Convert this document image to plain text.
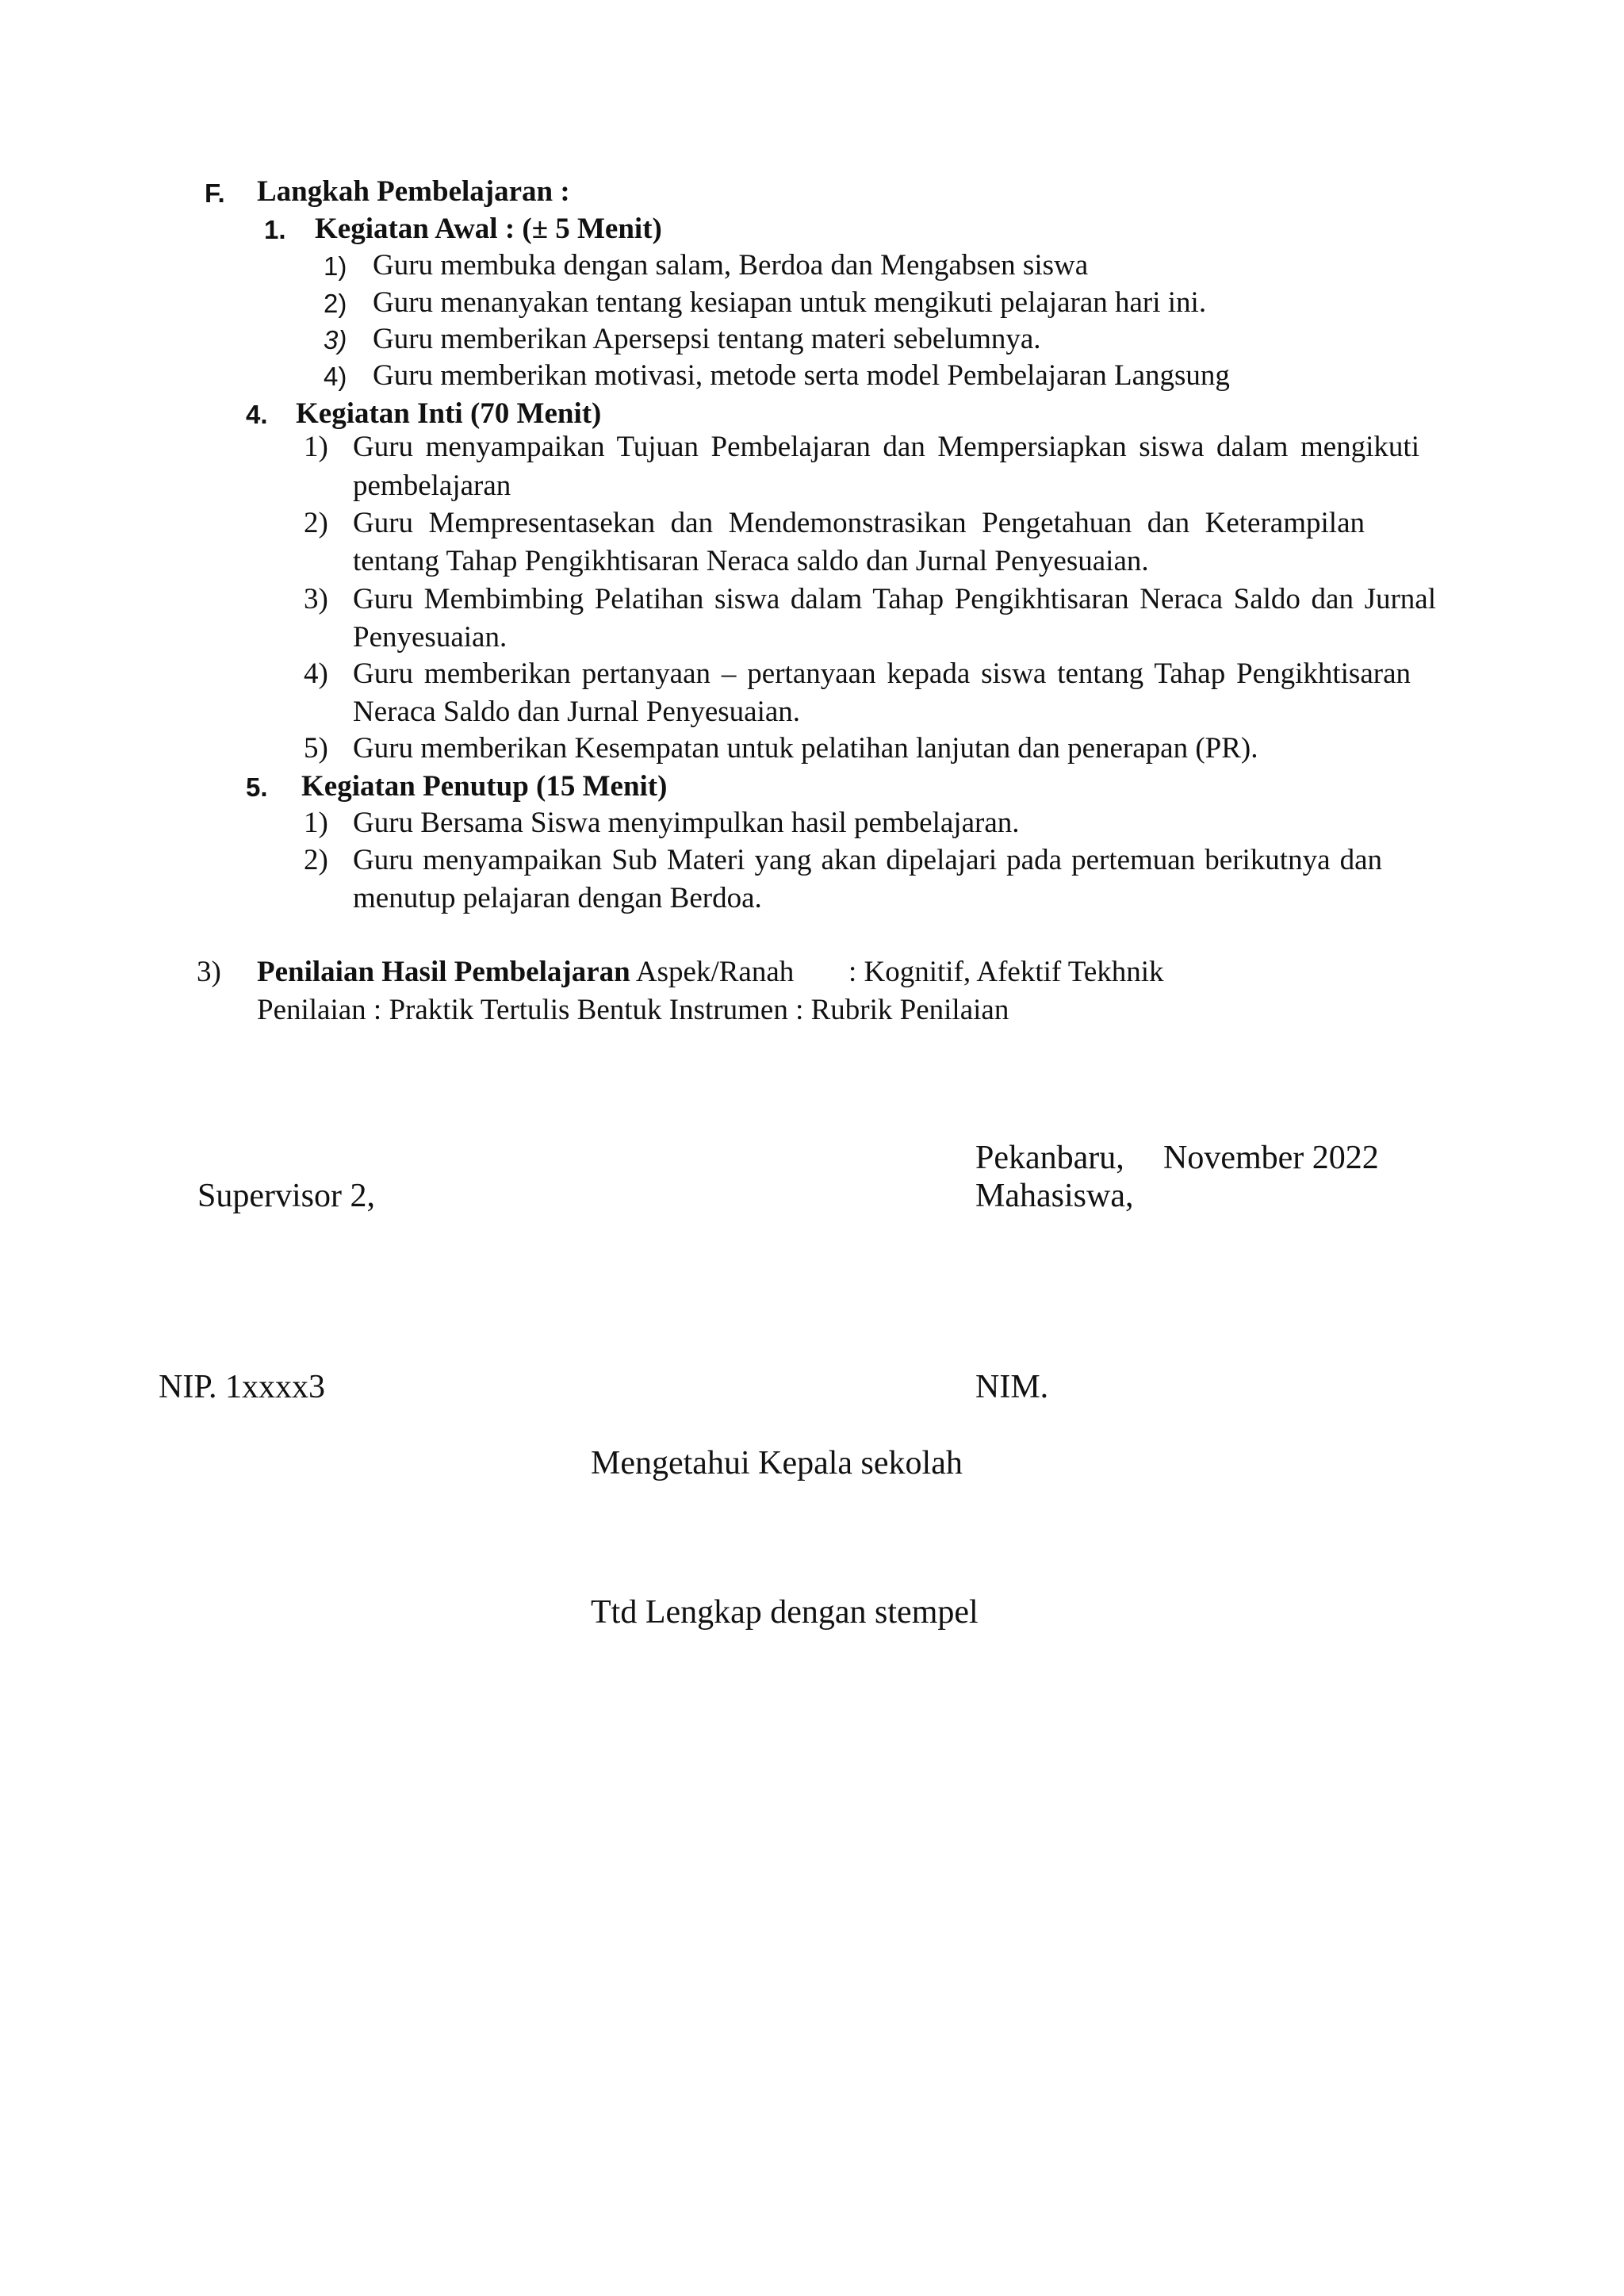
F. Langkah Pembelajaran :
1. Kegiatan Awal : (± 5 Menit)
1) Guru membuka dengan salam, Berdoa dan Mengabsen siswa
2) Guru menanyakan tentang kesiapan untuk mengikuti pelajaran hari ini.
3) Guru memberikan Apersepsi tentang materi sebelumnya.
4) Guru memberikan motivasi, metode serta model Pembelajaran Langsung
4. Kegiatan Inti (70 Menit)
1) Guru menyampaikan Tujuan Pembelajaran dan Mempersiapkan siswa dalam mengikuti
pembelajaran
2) Guru Mempresentasekan dan Mendemonstrasikan Pengetahuan dan Keterampilan
tentang Tahap Pengikhtisaran Neraca saldo dan Jurnal Penyesuaian.
3) Guru Membimbing Pelatihan siswa dalam Tahap Pengikhtisaran Neraca Saldo dan Jurnal
Penyesuaian.
4) Guru memberikan pertanyaan – pertanyaan kepada siswa tentang Tahap Pengikhtisaran
Neraca Saldo dan Jurnal Penyesuaian.
5) Guru memberikan Kesempatan untuk pelatihan lanjutan dan penerapan (PR).
5. Kegiatan Penutup (15 Menit)
1) Guru Bersama Siswa menyimpulkan hasil pembelajaran.
2) Guru menyampaikan Sub Materi yang akan dipelajari pada pertemuan berikutnya dan
menutup pelajaran dengan Berdoa.
3) Penilaian Hasil Pembelajaran Aspek/Ranah : Kognitif, Afektif Tekhnik
Penilaian : Praktik Tertulis Bentuk Instrumen : Rubrik Penilaian
Pekanbaru, November 2022
Mahasiswa,
Supervisor 2,
NIP. 1xxxx3	NIM.
Mengetahui Kepala sekolah
Ttd Lengkap dengan stempel
